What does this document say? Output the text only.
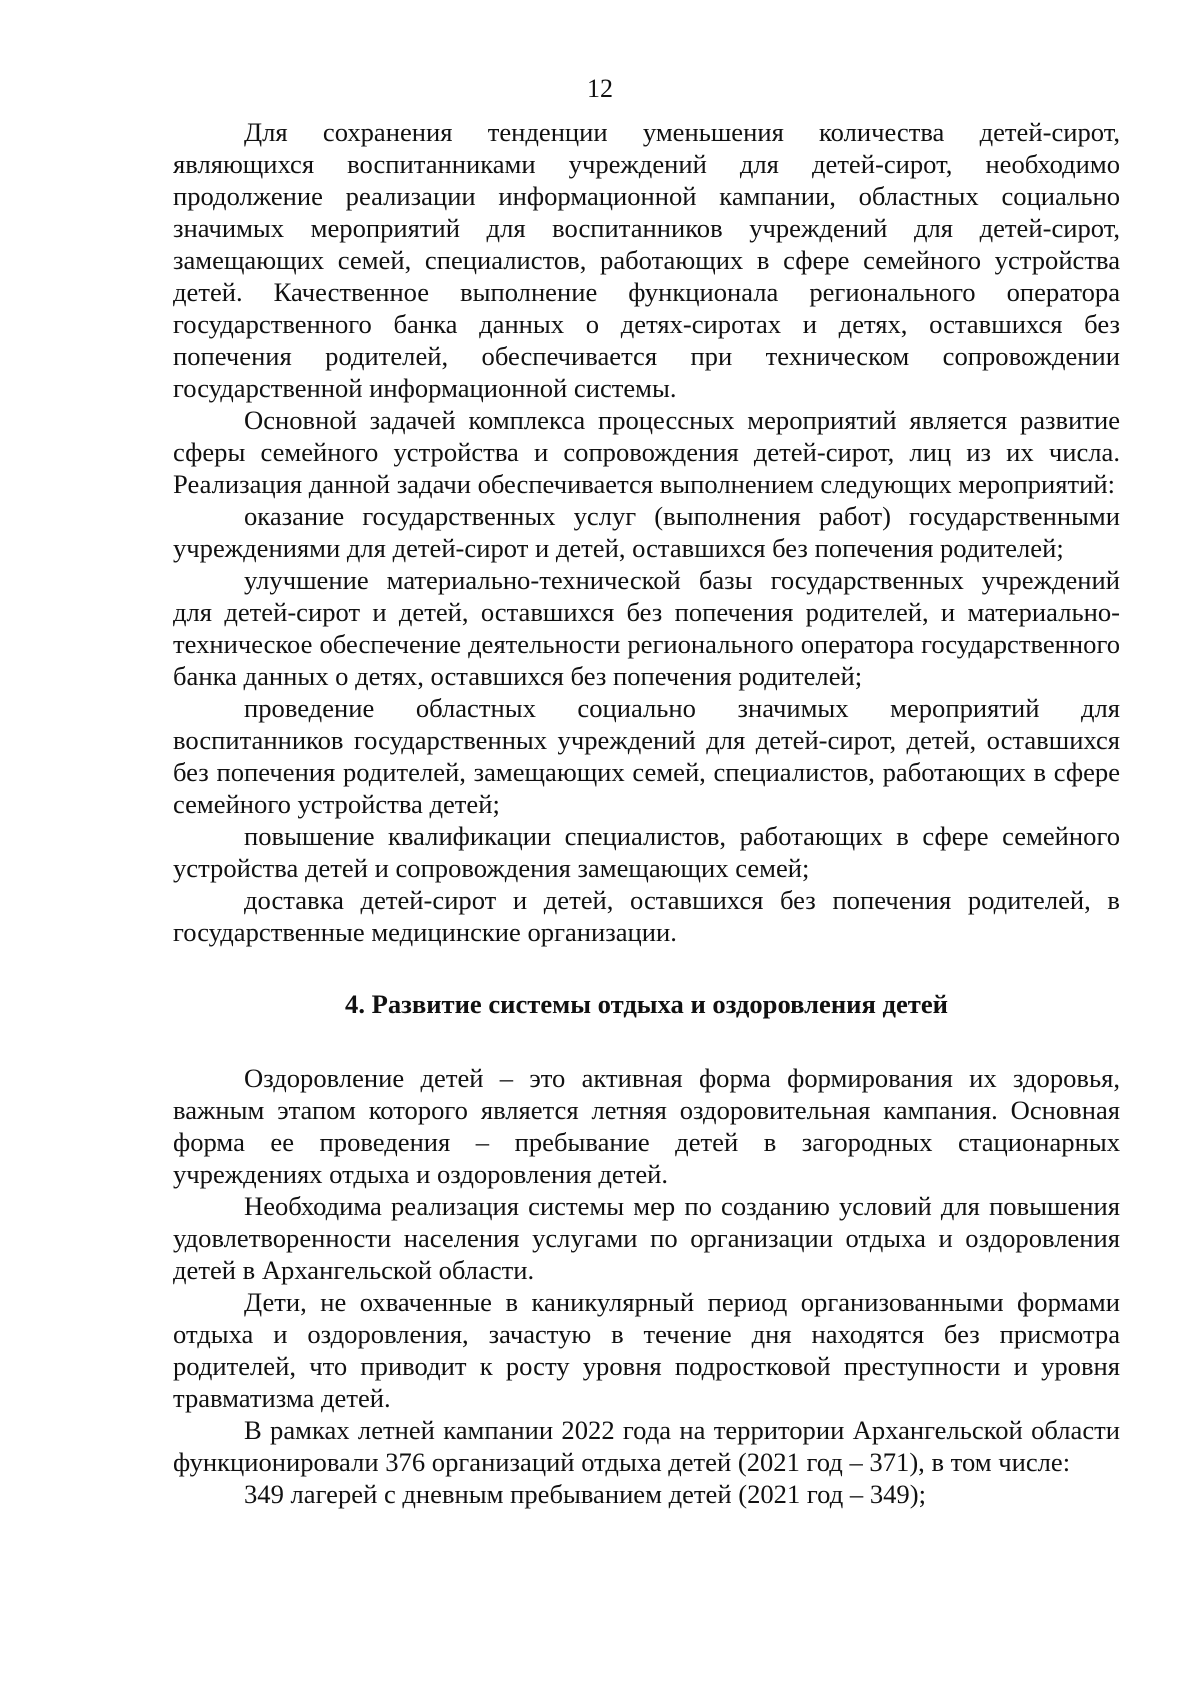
12

Для сохранения тенденции уменьшения количества детей-сирот, являющихся воспитанниками учреждений для детей-сирот, необходимо продолжение реализации информационной кампании, областных социально значимых мероприятий для воспитанников учреждений для детей-сирот, замещающих семей, специалистов, работающих в сфере семейного устройства детей. Качественное выполнение функционала регионального оператора государственного банка данных о детях-сиротах и детях, оставшихся без попечения родителей, обеспечивается при техническом сопровождении государственной информационной системы.

Основной задачей комплекса процессных мероприятий является развитие сферы семейного устройства и сопровождения детей-сирот, лиц из их числа. Реализация данной задачи обеспечивается выполнением следующих мероприятий:

оказание государственных услуг (выполнения работ) государственными учреждениями для детей-сирот и детей, оставшихся без попечения родителей;

улучшение материально-технической базы государственных учреждений для детей-сирот и детей, оставшихся без попечения родителей, и материально-техническое обеспечение деятельности регионального оператора государственного банка данных о детях, оставшихся без попечения родителей;

проведение областных социально значимых мероприятий для воспитанников государственных учреждений для детей-сирот, детей, оставшихся без попечения родителей, замещающих семей, специалистов, работающих в сфере семейного устройства детей;

повышение квалификации специалистов, работающих в сфере семейного устройства детей и сопровождения замещающих семей;

доставка детей-сирот и детей, оставшихся без попечения родителей, в государственные медицинские организации.

4. Развитие системы отдыха и оздоровления детей

Оздоровление детей – это активная форма формирования их здоровья, важным этапом которого является летняя оздоровительная кампания. Основная форма ее проведения – пребывание детей в загородных стационарных учреждениях отдыха и оздоровления детей.

Необходима реализация системы мер по созданию условий для повышения удовлетворенности населения услугами по организации отдыха и оздоровления детей в Архангельской области.

Дети, не охваченные в каникулярный период организованными формами отдыха и оздоровления, зачастую в течение дня находятся без присмотра родителей, что приводит к росту уровня подростковой преступности и уровня травматизма детей.

В рамках летней кампании 2022 года на территории Архангельской области функционировали 376 организаций отдыха детей (2021 год – 371), в том числе:

349 лагерей с дневным пребыванием детей (2021 год – 349);
